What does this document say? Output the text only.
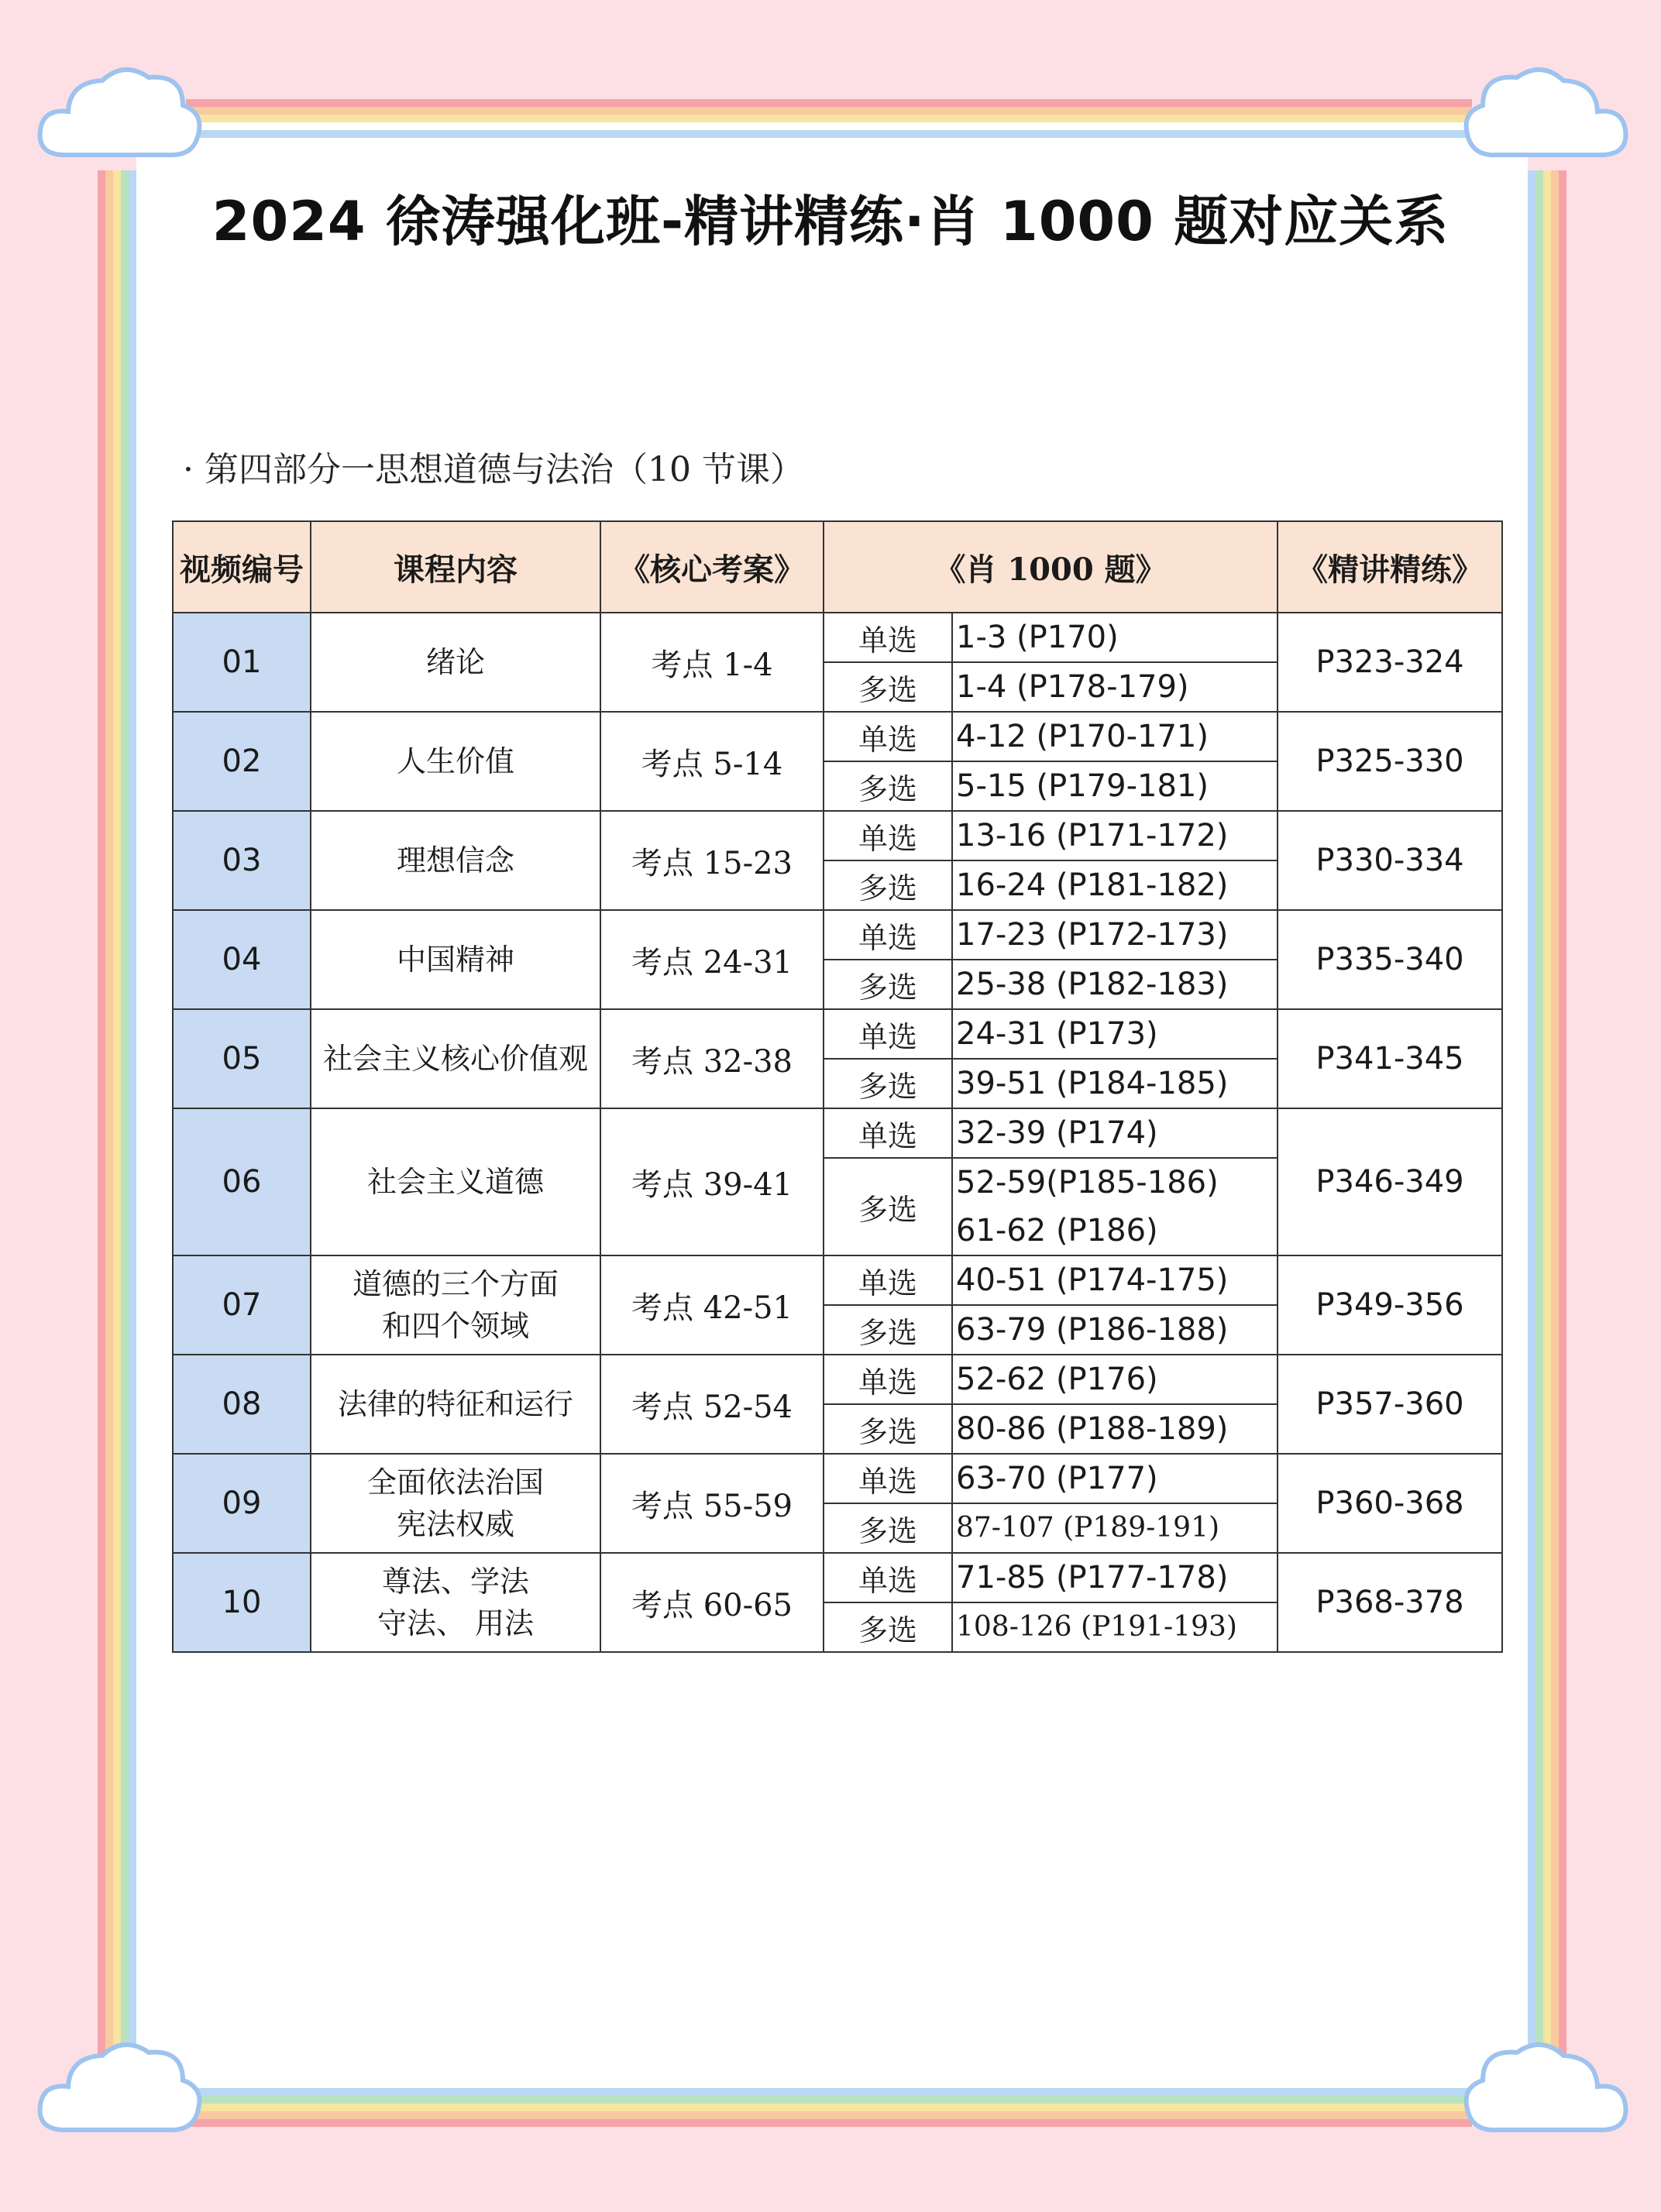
2024 徐涛强化班-精讲精练·肖 1000 题对应关系
· 第四部分一思想道德与法治（10 节课）
视频编号	课程内容	《核心考案》	《肖 1000 题》		《精讲精练》
01	绪论	考点 1-4	单选	1-3 (P170)	P323-324
			多选	1-4 (P178-179)	

02	人生价值	考点 5-14	单选	4-12 (P170-171)	P325-330
			多选	5-15 (P179-181)	

03	理想信念	考点 15-23	单选	13-16 (P171-172)	P330-334
			多选	16-24 (P181-182)	

04	中国精神	考点 24-31	单选	17-23 (P172-173)	P335-340
			多选	25-38 (P182-183)	

05	社会主义核心价值观	考点 32-38	单选	24-31 (P173)	P341-345
			多选	39-51 (P184-185)	

06	社会主义道德	考点 39-41	单选	32-39 (P174)	P346-349
			多选	52-59(P185-186)
61-62 (P186)	

07	道德的三个方面
和四个领域	考点 42-51	单选	40-51 (P174-175)	P349-356
			多选	63-79 (P186-188)	

08	法律的特征和运行	考点 52-54	单选	52-62 (P176)	P357-360
			多选	80-86 (P188-189)	

09	全面依法治国
宪法权威	考点 55-59	单选	63-70 (P177)	P360-368
			多选	87-107 (P189-191)	

10	尊法、学法
守法、 用法	考点 60-65	单选	71-85 (P177-178)	P368-378
			多选	108-126 (P191-193)	
